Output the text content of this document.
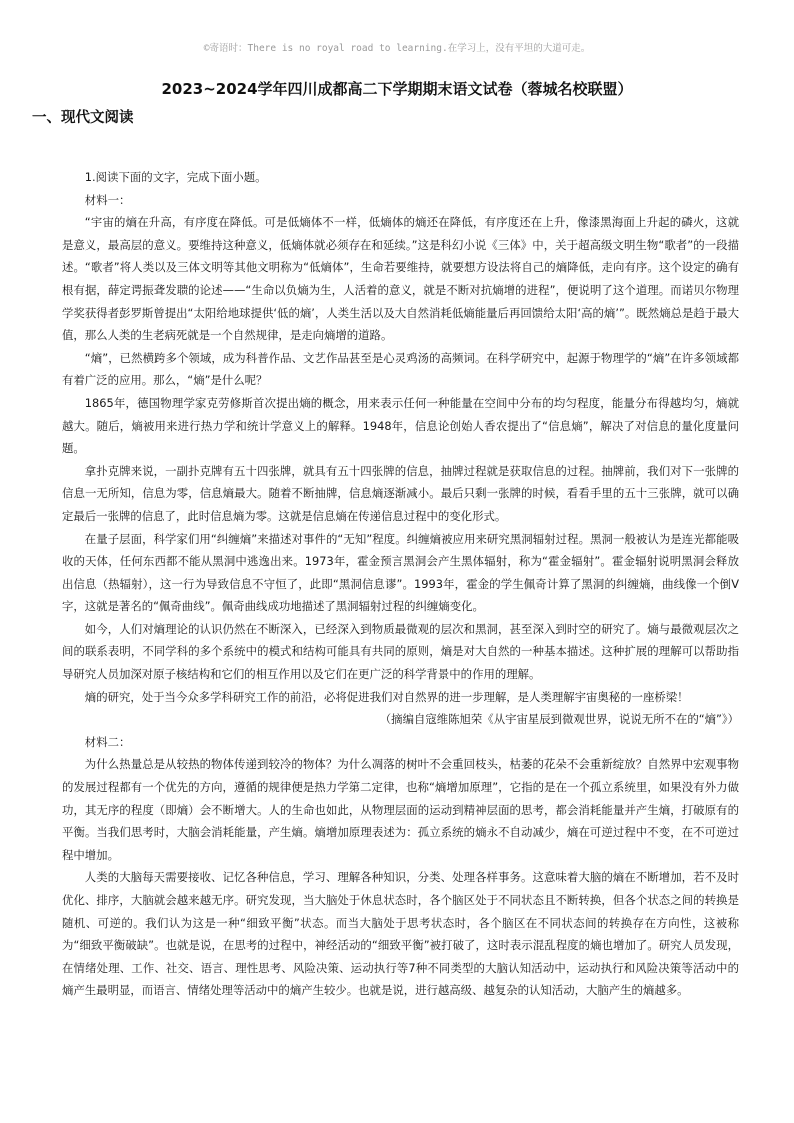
©寄语时：There is no royal road to learning.在学习上，没有平坦的大道可走。
2023~2024学年四川成都高二下学期期末语文试卷（蓉城名校联盟）
一、现代文阅读

1.阅读下面的文字，完成下面小题。

材料一：

“宇宙的熵在升高，有序度在降低。可是低熵体不一样，低熵体的熵还在降低，有序度还在上升，像漆黑海面上升起的磷火，这就是意义，最高层的意义。要维持这种意义，低熵体就必须存在和延续。”这是科幻小说《三体》中，关于超高级文明生物“歌者”的一段描述。“歌者”将人类以及三体文明等其他文明称为“低熵体”，生命若要维持，就要想方设法将自己的熵降低，走向有序。这个设定的确有根有据，薛定谔振聋发聩的论述——“生命以负熵为生，人活着的意义，就是不断对抗熵增的进程”，便说明了这个道理。而诺贝尔物理学奖获得者彭罗斯曾提出“太阳给地球提供‘低的熵’，人类生活以及大自然消耗低熵能量后再回馈给太阳‘高的熵’”。既然熵总是趋于最大值，那么人类的生老病死就是一个自然规律，是走向熵增的道路。

“熵”，已然横跨多个领域，成为科普作品、文艺作品甚至是心灵鸡汤的高频词。在科学研究中，起源于物理学的“熵”在许多领域都有着广泛的应用。那么，“熵”是什么呢？

1865年，德国物理学家克劳修斯首次提出熵的概念，用来表示任何一种能量在空间中分布的均匀程度，能量分布得越均匀，熵就越大。随后，熵被用来进行热力学和统计学意义上的解释。1948年，信息论创始人香农提出了“信息熵”，解决了对信息的量化度量问题。

拿扑克牌来说，一副扑克牌有五十四张牌，就具有五十四张牌的信息，抽牌过程就是获取信息的过程。抽牌前，我们对下一张牌的信息一无所知，信息为零，信息熵最大。随着不断抽牌，信息熵逐渐减小。最后只剩一张牌的时候，看看手里的五十三张牌，就可以确定最后一张牌的信息了，此时信息熵为零。这就是信息熵在传递信息过程中的变化形式。

在量子层面，科学家们用“纠缠熵”来描述对事件的“无知”程度。纠缠熵被应用来研究黑洞辐射过程。黑洞一般被认为是连光都能吸收的天体，任何东西都不能从黑洞中逃逸出来。1973年，霍金预言黑洞会产生黑体辐射，称为“霍金辐射”。霍金辐射说明黑洞会释放出信息（热辐射），这一行为导致信息不守恒了，此即“黑洞信息谬”。1993年，霍金的学生佩奇计算了黑洞的纠缠熵，曲线像一个倒V字，这就是著名的“佩奇曲线”。佩奇曲线成功地描述了黑洞辐射过程的纠缠熵变化。

如今，人们对熵理论的认识仍然在不断深入，已经深入到物质最微观的层次和黑洞，甚至深入到时空的研究了。熵与最微观层次之间的联系表明，不同学科的多个系统中的模式和结构可能具有共同的原则，熵是对大自然的一种基本描述。这种扩展的理解可以帮助指导研究人员加深对原子核结构和它们的相互作用以及它们在更广泛的科学背景中的作用的理解。

熵的研究，处于当今众多学科研究工作的前沿，必将促进我们对自然界的进一步理解，是人类理解宇宙奥秘的一座桥梁！

（摘编自寇维陈旭荣《从宇宙星辰到微观世界，说说无所不在的“熵”》）

材料二：

为什么热量总是从较热的物体传递到较冷的物体？为什么凋落的树叶不会重回枝头，枯萎的花朵不会重新绽放？自然界中宏观事物的发展过程都有一个优先的方向，遵循的规律便是热力学第二定律，也称“熵增加原理”，它指的是在一个孤立系统里，如果没有外力做功，其无序的程度（即熵）会不断增大。人的生命也如此，从物理层面的运动到精神层面的思考，都会消耗能量并产生熵，打破原有的平衡。当我们思考时，大脑会消耗能量，产生熵。熵增加原理表述为：孤立系统的熵永不自动减少，熵在可逆过程中不变，在不可逆过程中增加。

人类的大脑每天需要接收、记忆各种信息，学习、理解各种知识，分类、处理各样事务。这意味着大脑的熵在不断增加，若不及时优化、排序，大脑就会越来越无序。研究发现，当大脑处于休息状态时，各个脑区处于不同状态且不断转换，但各个状态之间的转换是随机、可逆的。我们认为这是一种“细致平衡”状态。而当大脑处于思考状态时，各个脑区在不同状态间的转换存在方向性，这被称为“细致平衡破缺”。也就是说，在思考的过程中，神经活动的“细致平衡”被打破了，这时表示混乱程度的熵也增加了。研究人员发现，在情绪处理、工作、社交、语言、理性思考、风险决策、运动执行等7种不同类型的大脑认知活动中，运动执行和风险决策等活动中的熵产生最明显，而语言、情绪处理等活动中的熵产生较少。也就是说，进行越高级、越复杂的认知活动，大脑产生的熵越多。
